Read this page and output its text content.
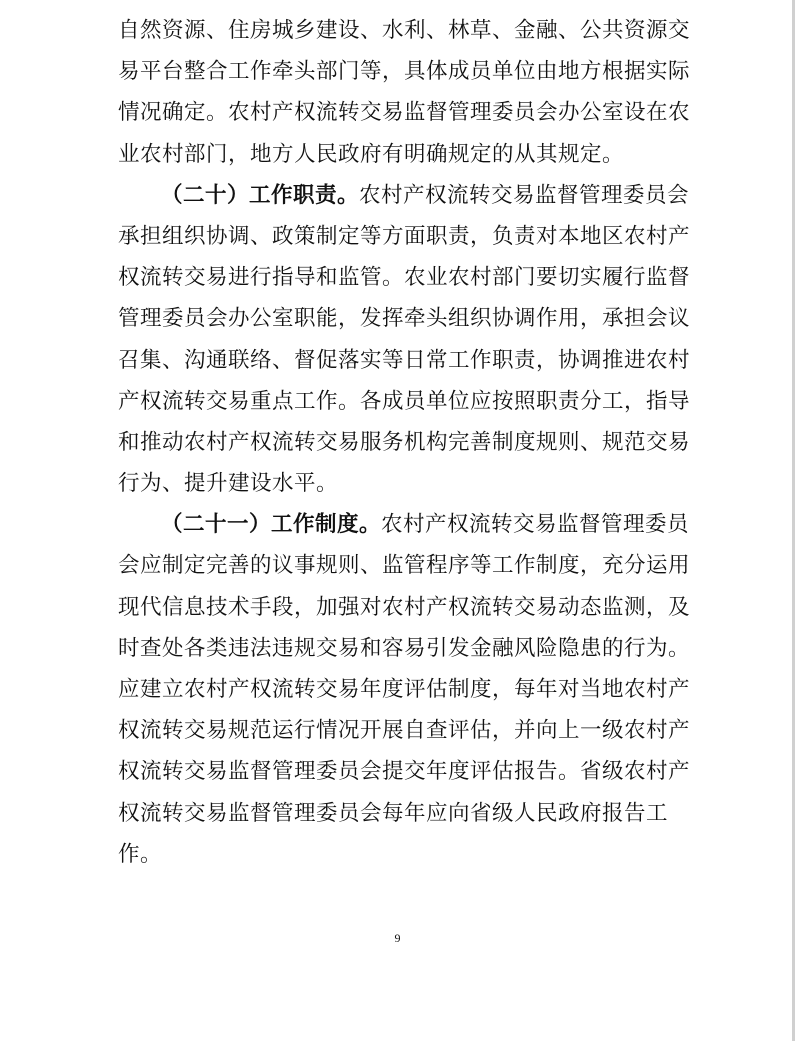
自然资源、住房城乡建设、水利、林草、金融、公共资源交
易平台整合工作牵头部门等，具体成员单位由地方根据实际
情况确定。农村产权流转交易监督管理委员会办公室设在农
业农村部门，地方人民政府有明确规定的从其规定。
（二十）工作职责。农村产权流转交易监督管理委员会
承担组织协调、政策制定等方面职责，负责对本地区农村产
权流转交易进行指导和监管。农业农村部门要切实履行监督
管理委员会办公室职能，发挥牵头组织协调作用，承担会议
召集、沟通联络、督促落实等日常工作职责，协调推进农村
产权流转交易重点工作。各成员单位应按照职责分工，指导
和推动农村产权流转交易服务机构完善制度规则、规范交易
行为、提升建设水平。
（二十一）工作制度。农村产权流转交易监督管理委员
会应制定完善的议事规则、监管程序等工作制度，充分运用
现代信息技术手段，加强对农村产权流转交易动态监测，及
时查处各类违法违规交易和容易引发金融风险隐患的行为。
应建立农村产权流转交易年度评估制度，每年对当地农村产
权流转交易规范运行情况开展自查评估，并向上一级农村产
权流转交易监督管理委员会提交年度评估报告。省级农村产
权流转交易监督管理委员会每年应向省级人民政府报告工
作。
9
